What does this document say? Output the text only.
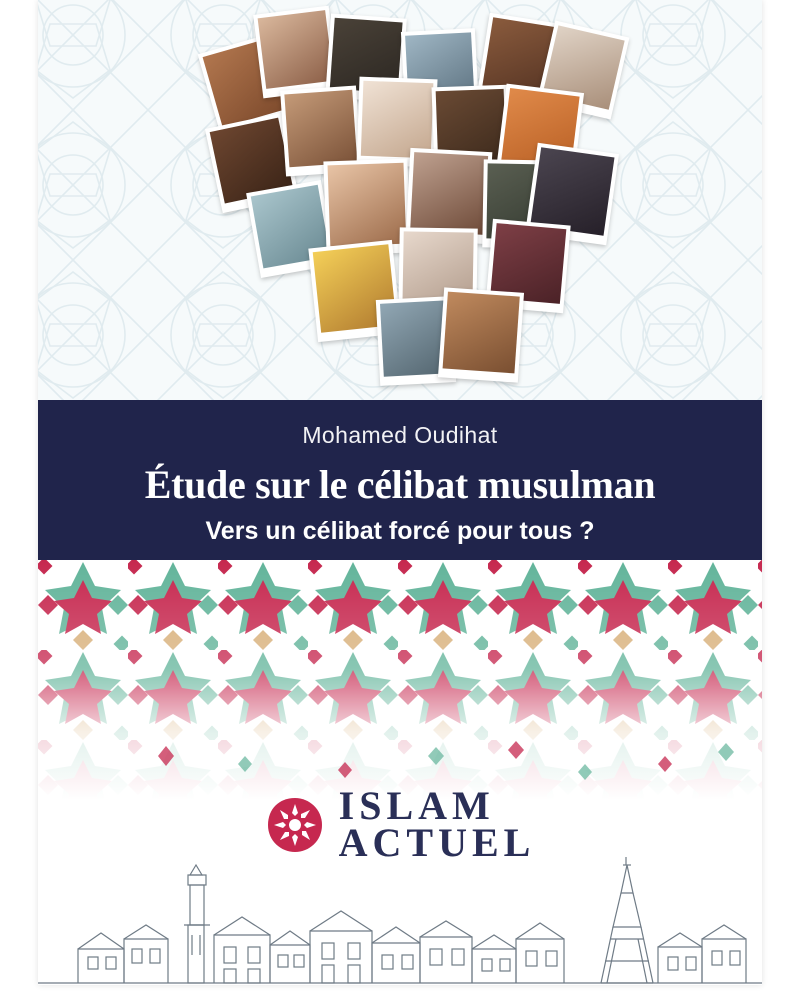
Mohamed Oudihat
Étude sur le célibat musulman
Vers un célibat forcé pour tous ?
ISLAM
ACTUEL
